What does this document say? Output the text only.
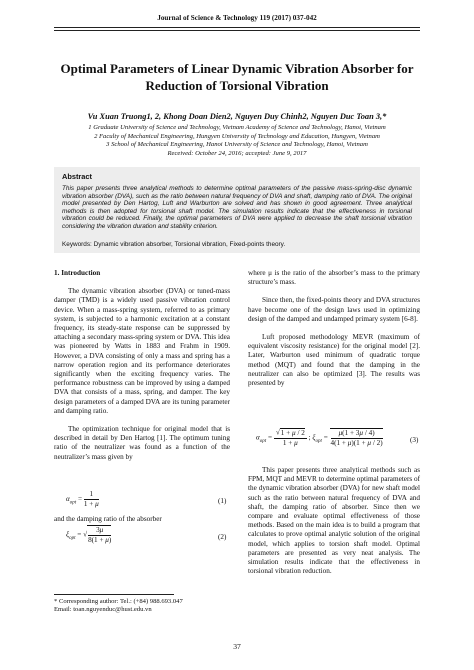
Journal of Science & Technology 119 (2017) 037-042
Optimal Parameters of Linear Dynamic Vibration Absorber for Reduction of Torsional Vibration
Vu Xuan Truong1, 2, Khong Doan Dien2, Nguyen Duy Chinh2, Nguyen Duc Toan 3,*
1 Graduate University of Science and Technology, Vietnam Academy of Science and Technology, Hanoi, Vietnam
2 Faculty of Mechanical Engineering, Hungyen University of Technology and Education, Hungyen, Vietnam
3 School of Mechanical Engineering, Hanoi University of Science and Technology, Hanoi, Vietnam
Received: October 24, 2016; accepted: June 9, 2017
Abstract
This paper presents three analytical methods to determine optimal parameters of the passive mass-spring-disc dynamic vibration absorber (DVA), such as the ratio between natural frequency of DVA and shaft, damping ratio of DVA. The original model presented by Den Hartog, Luft and Warburton are solved and has shown in good agreement. Three analytical methods is then adopted for torsional shaft model. The simulation results indicate that the effectiveness in torsional vibration could be reduced. Finally, the optimal parameters of DVA were applied to decrease the shaft torsional vibration considering the vibration duration and stability criterion.
Keywords: Dynamic vibration absorber, Torsional vibration, Fixed-points theory.

1. Introduction

The dynamic vibration absorber (DVA) or tuned-mass damper (TMD) is a widely used passive vibration control device. When a mass-spring system, referred to as primary system, is subjected to a harmonic excitation at a constant frequency, its steady-state response can be suppressed by attaching a secondary mass-spring system or DVA. This idea was pioneered by Watts in 1883 and Frahm in 1909. However, a DVA consisting of only a mass and spring has a narrow operation region and its performance deteriorates significantly when the exciting frequency varies. The performance robustness can be improved by using a damped DVA that consists of a mass, spring, and damper. The key design parameters of a damped DVA are its tuning parameter and damping ratio.

The optimization technique for original model that is described in detail by Den Hartog [1]. The optimum tuning ratio of the neutralizer was found as a function of the neutralizer’s mass given by

$\alpha_{opt} = \frac{1}{1 + \mu}$	(1)

and the damping ratio of the absorber

$\xi_{opt}$ = √ $\frac{3\mu}{8(1 + \mu)}$	(2)

where μ is the ratio of the absorber’s mass to the primary structure’s mass.

Since then, the fixed-points theory and DVA structures have become one of the design laws used in optimizing design of the damped and undamped primary system [6-8].

Luft proposed methodology MEVR (maximum of equivalent viscosity resistance) for the original model [2]. Later, Warburton used minimum of quadratic torque method (MQT) and found that the damping in the neutralizer can also be optimized [3]. The results was presented by

$\alpha_{opt} = \frac{√1 + \mu / 2}{1 + \mu}$ ; $\xi_{opt} = \frac{\mu(1 + 3\mu / 4)}{4(1 + \mu)(1 + \mu / 2)}$	(3)

This paper presents three analytical methods such as FPM, MQT and MEVR to determine optimal parameters of the dynamic vibration absorber (DVA) for new shaft model such as the ratio between natural frequency of DVA and shaft, the damping ratio of absorber. Since then we compare and evaluate optimal effectiveness of those methods. Based on the main idea is to build a program that calculates to prove optimal analytic solution of the original model, which applies to torsion shaft model. Optimal parameters are presented as very neat analysis. The simulation results indicate that the effectiveness in torsional vibration reduction.

* Corresponding author: Tel.: (+84) 988.693.047
Email: toan.nguyenduc@hust.edu.vn
37
